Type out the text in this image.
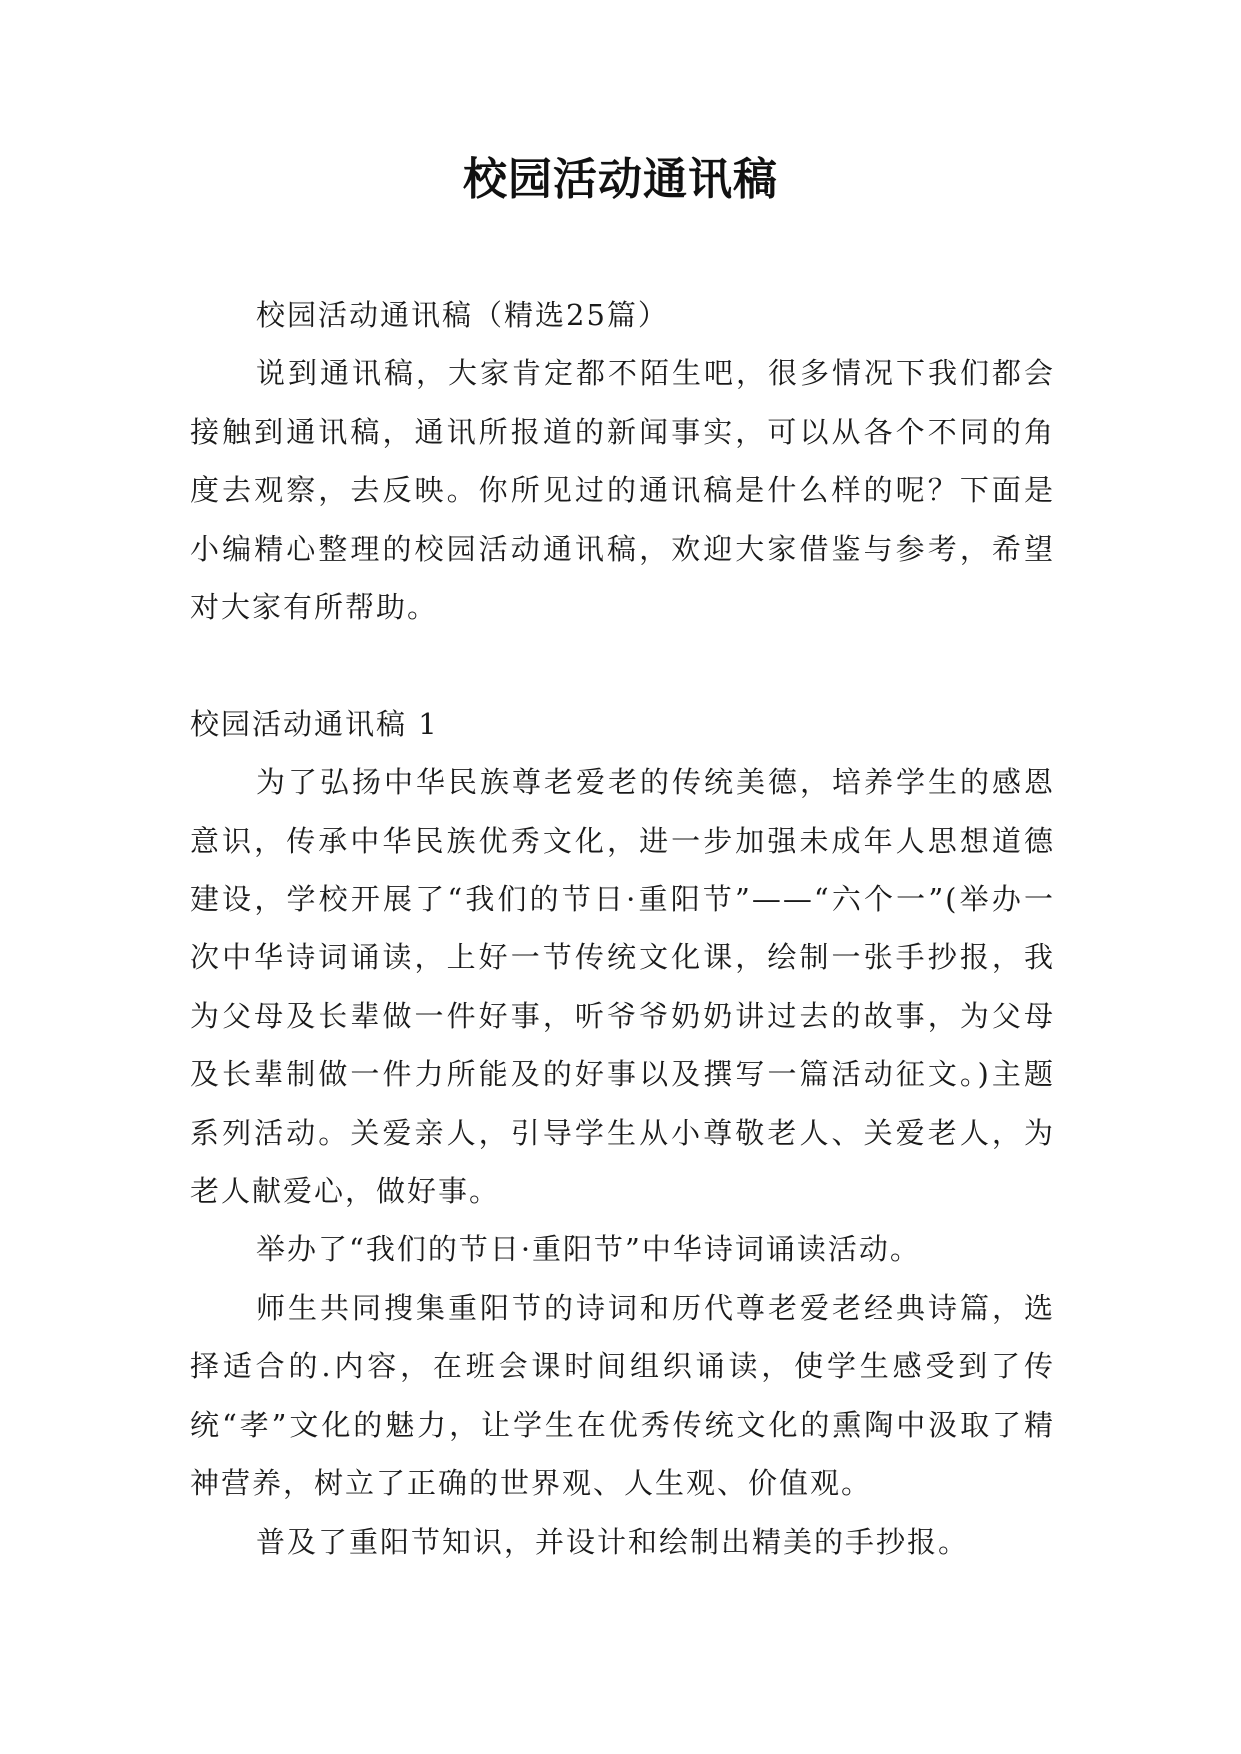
校园活动通讯稿

校园活动通讯稿（精选25篇）

说到通讯稿，大家肯定都不陌生吧，很多情况下我们都会接触到通讯稿，通讯所报道的新闻事实，可以从各个不同的角度去观察，去反映。你所见过的通讯稿是什么样的呢？下面是小编精心整理的校园活动通讯稿，欢迎大家借鉴与参考，希望对大家有所帮助。

校园活动通讯稿 1

为了弘扬中华民族尊老爱老的传统美德，培养学生的感恩意识，传承中华民族优秀文化，进一步加强未成年人思想道德建设，学校开展了“我们的节日·重阳节”——“六个一”(举办一次中华诗词诵读，上好一节传统文化课，绘制一张手抄报，我为父母及长辈做一件好事，听爷爷奶奶讲过去的故事，为父母及长辈制做一件力所能及的好事以及撰写一篇活动征文。)主题系列活动。关爱亲人，引导学生从小尊敬老人、关爱老人，为老人献爱心，做好事。

举办了“我们的节日·重阳节”中华诗词诵读活动。

师生共同搜集重阳节的诗词和历代尊老爱老经典诗篇，选择适合的.内容，在班会课时间组织诵读，使学生感受到了传统“孝”文化的魅力，让学生在优秀传统文化的熏陶中汲取了精神营养，树立了正确的世界观、人生观、价值观。

普及了重阳节知识，并设计和绘制出精美的手抄报。
